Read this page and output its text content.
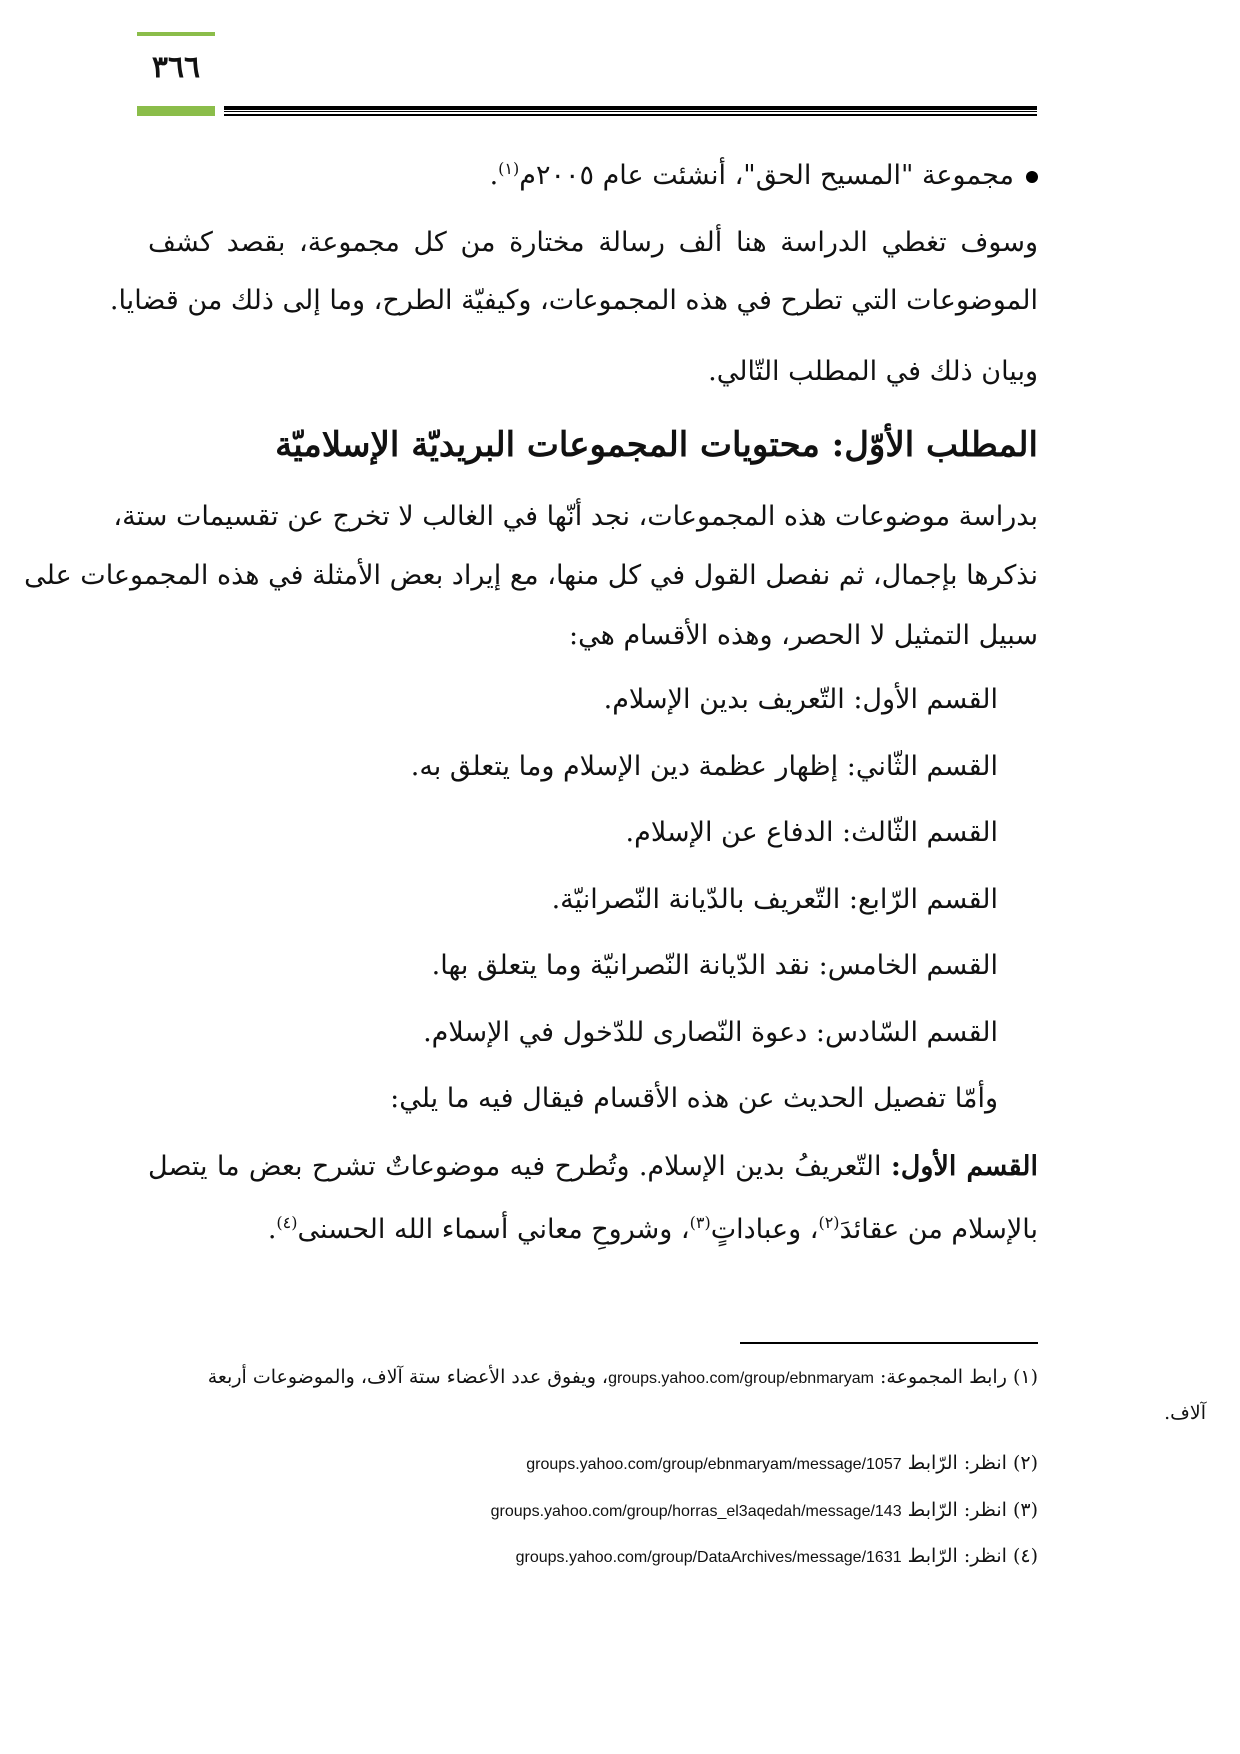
٣٦٦
مجموعة "المسيح الحق"، أنشئت عام ٢٠٠٥م$^{(١)}$.
وسوف تغطي الدراسة هنا ألف رسالة مختارة من كل مجموعة، بقصد كشف
الموضوعات التي تطرح في هذه المجموعات، وكيفيّة الطرح، وما إلى ذلك من قضايا.
وبيان ذلك في المطلب التّالي.
المطلب الأوّل: محتويات المجموعات البريديّة الإسلاميّة
بدراسة موضوعات هذه المجموعات، نجد أنّها في الغالب لا تخرج عن تقسيمات ستة،
نذكرها بإجمال، ثم نفصل القول في كل منها، مع إيراد بعض الأمثلة في هذه المجموعات على
سبيل التمثيل لا الحصر، وهذه الأقسام هي:
القسم الأول: التّعريف بدين الإسلام.
القسم الثّاني: إظهار عظمة دين الإسلام وما يتعلق به.
القسم الثّالث: الدفاع عن الإسلام.
القسم الرّابع: التّعريف بالدّيانة النّصرانيّة.
القسم الخامس: نقد الدّيانة النّصرانيّة وما يتعلق بها.
القسم السّادس: دعوة النّصارى للدّخول في الإسلام.
وأمّا تفصيل الحديث عن هذه الأقسام فيقال فيه ما يلي:
القسم الأول: التّعريفُ بدين الإسلام. وتُطرح فيه موضوعاتٌ تشرح بعض ما يتصل
بالإسلام من عقائدَ$^{(٢)}$، وعباداتٍ$^{(٣)}$، وشروحِ معاني أسماء الله الحسنى$^{(٤)}$.
(١) رابط المجموعة: groups.yahoo.com/group/ebnmaryam، ويفوق عدد الأعضاء ستة آلاف، والموضوعات أربعة
آلاف.
(٢) انظر: الرّابط groups.yahoo.com/group/ebnmaryam/message/1057
(٣) انظر: الرّابط groups.yahoo.com/group/horras_el3aqedah/message/143
(٤) انظر: الرّابط groups.yahoo.com/group/DataArchives/message/1631
